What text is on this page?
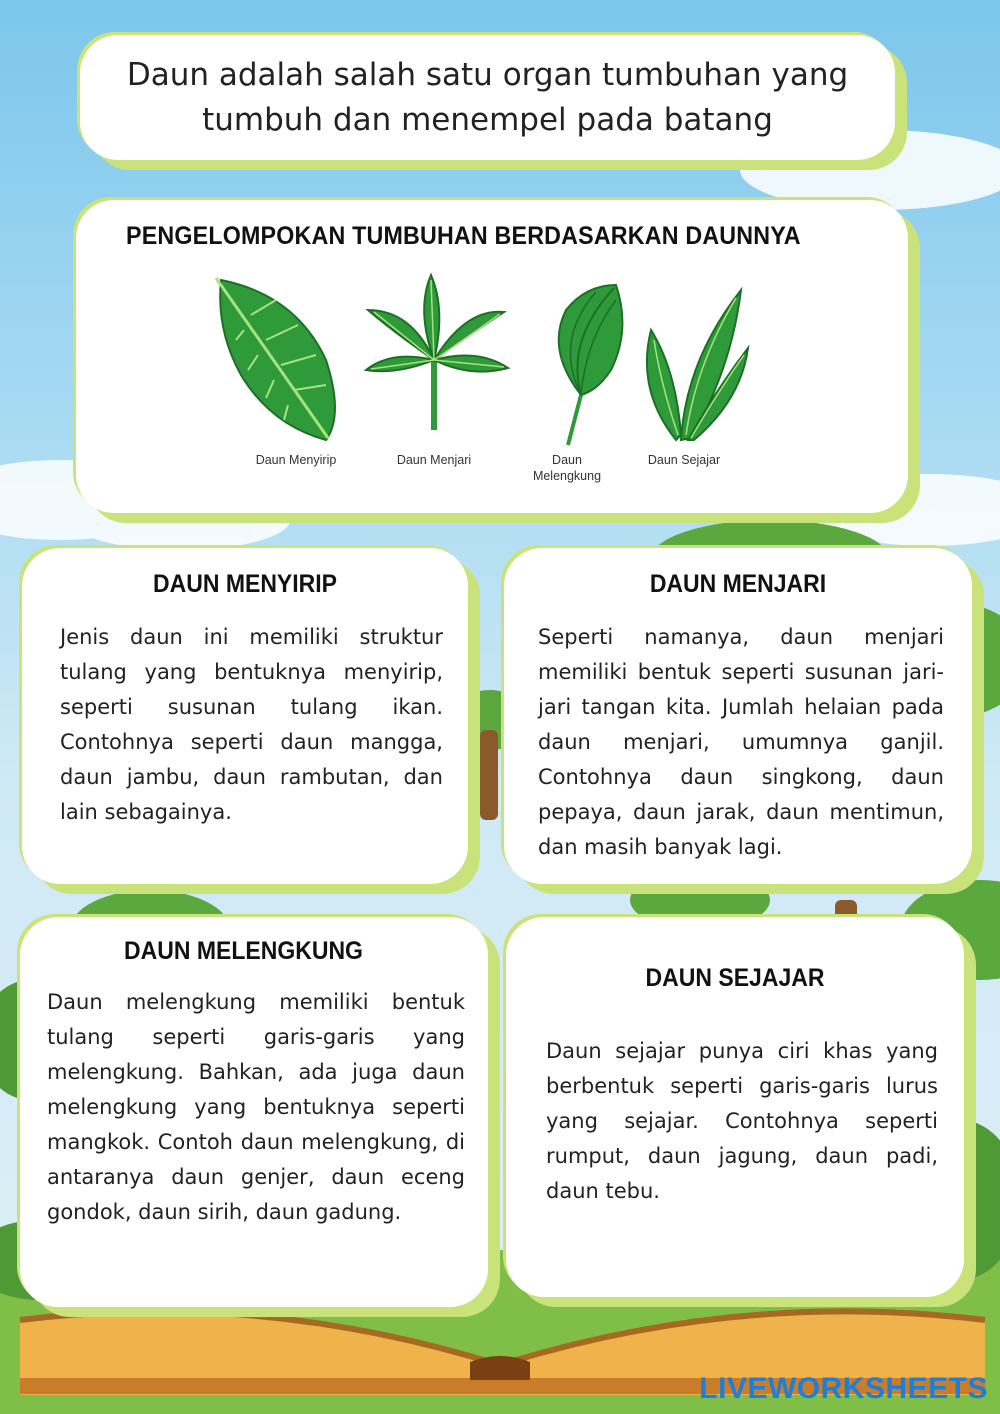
Daun adalah salah satu organ tumbuhan yang tumbuh dan menempel pada batang
PENGELOMPOKAN TUMBUHAN BERDASARKAN DAUNNYA
Daun Menyirip	Daun Menjari	Daun Melengkung
Daun Sejajar
DAUN MENYIRIP
Jenis daun ini memiliki struktur tulang yang bentuknya menyirip, seperti susunan tulang ikan. Contohnya seperti daun mangga, daun jambu, daun rambutan, dan lain sebagainya.
DAUN MENJARI
Seperti namanya, daun menjari memiliki bentuk seperti susunan jari-jari tangan kita. Jumlah helaian pada daun menjari, umumnya ganjil. Contohnya daun singkong, daun pepaya, daun jarak, daun mentimun, dan masih banyak lagi.
DAUN MELENGKUNG
Daun melengkung memiliki bentuk tulang seperti garis-garis yang melengkung. Bahkan, ada juga daun melengkung yang bentuknya seperti mangkok. Contoh daun melengkung, di antaranya daun genjer, daun eceng gondok, daun sirih, daun gadung.
DAUN SEJAJAR
Daun sejajar punya ciri khas yang berbentuk seperti garis-garis lurus yang sejajar. Contohnya seperti rumput, daun jagung, daun padi, daun tebu.
LIVEWORKSHEETS
